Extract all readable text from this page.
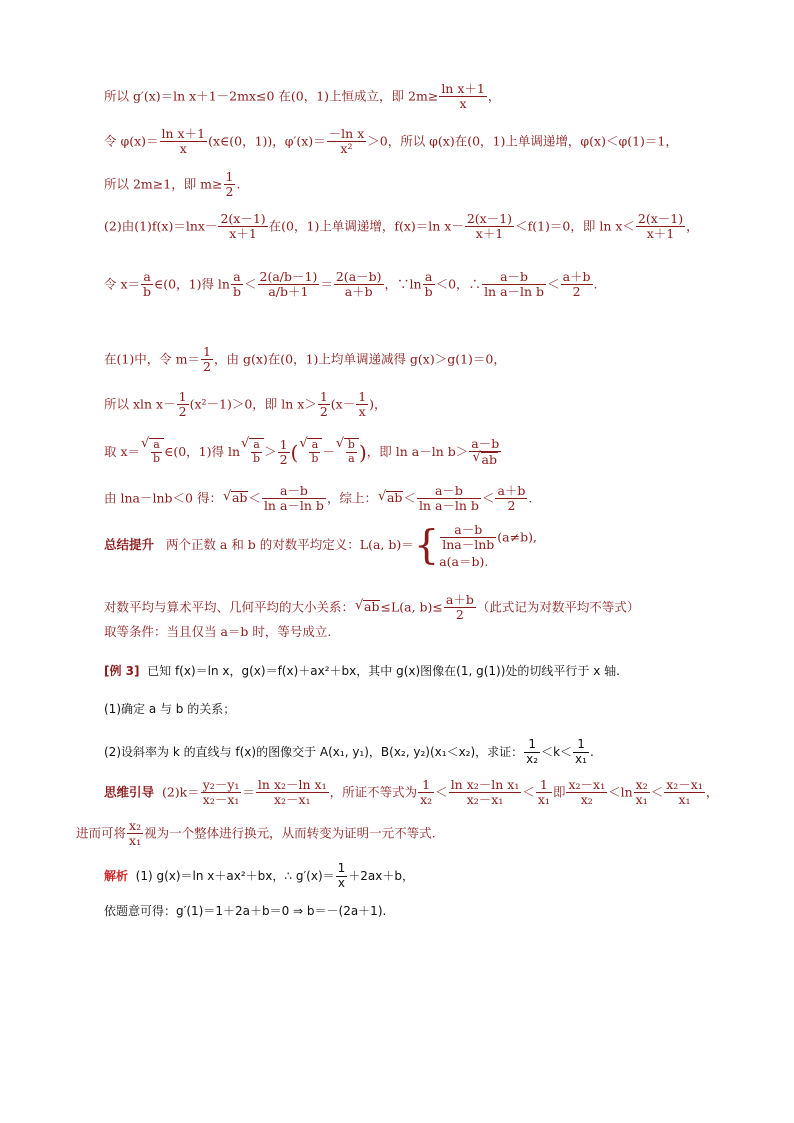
所以 g′(x)＝ln x＋1－2mx≤0 在(0，1)上恒成立，即 $2m\ge \frac{\text{ln x＋1}}{x}$ ，
令 $\varphi(x)= \frac{\text{ln x＋1}}{x}$ (x∈(0，1))，$\varphi'(x)= \frac{\text{－ln x}}{\text{x²}} >0$，所以 φ(x)在(0，1)上单调递增，φ(x)＜φ(1)＝1，
所以 2m≥1，即 $m\ge \frac{1}{2}$ .
(2)由$(1)f(x)=\ln x- \frac{2(x-1)}{x+1}$ 在(0，1)上单调递增，f(x)＝ln $x- \frac{2(x-1)}{x+1} <f(1)=0$，即 $\ln x< \frac{2(x-1)}{x+1}$ ，
令 $x= \frac{a}{b}$ ∈(0，1)得 $\ln \frac{a}{b} < \frac{2(a/b-1)}{a/b+1} = \frac{2(a-b)}{a+b}$ ，∵ln $\frac{a}{b} <0$，∴ $\frac{a-b}{\text{ln a－ln b}} < \frac{a+b}{2}$ .
在(1)中，令 $m= \frac{1}{2}$ ，由 g(x)在(0，1)上均单调递减得 g(x)＞g(1)＝0，
所以 xln $x- \frac{1}{2} (x^2-1)>0$，即 $\ln x> \frac{1}{2} (x- \frac{1}{x}$ )，
取 x＝ √ $\frac{a}{b}$ ∈(0，1)得 ln √ $\frac{a}{b} > \frac{1}{2}$ ( √ $\frac{a}{b}$ － √ $\frac{b}{a}$ )，即 ln a－ln b＞ a－b
√ ab
由 lna－lnb＜0 得： √ $ab< \frac{a-b}{\text{ln a－ln b}}$ ，综上： √ $ab< \frac{a-b}{\text{ln a－ln b}} < \frac{a+b}{2}$ .
总结提升 两个正数 a 和 b 的对数平均定义：L(a, $b)=\{ \frac{a-b}{\ln a-\ln b} (a\ne b)$,
a(a＝b).
对数平均与算术平均、几何平均的大小关系： √ ab≤L(a, $b)\le \frac{a+b}{2}$ （此式记为对数平均不等式）
取等条件：当且仅当 a＝b 时，等号成立.
[例 3] 已知 f(x)＝ln x，g(x)＝f(x)＋ax²＋bx，其中 g(x)图像在(1, g(1))处的切线平行于 x 轴.
(1)确定 a 与 b 的关系；
(2)设斜率为 k 的直线与 f(x)的图像交于 A(x₁, y₁)，B(x₂, y₂)(x₁＜x₂)，求证： $\frac{1}{\text{x₂}} <k< \frac{1}{\text{x₁}}$ .
思维引导 $(2)k= \frac{\text{y₂－y₁}}{\text{x₂－x₁}} = \frac{\text{ln x₂－ln x₁}}{\text{x₂－x₁}}$ ，所证不等式为 $\frac{1}{\text{x₂}} < \frac{\text{ln x₂－ln x₁}}{\text{x₂－x₁}} < \frac{1}{\text{x₁}}$ 即 $\frac{\text{x₂－x₁}}{\text{x₂}} <\ln \frac{\text{x₂}}{\text{x₁}} < \frac{\text{x₂－x₁}}{\text{x₁}}$ ，
进而可将 $\frac{\text{x₂}}{\text{x₁}}$ 视为一个整体进行换元，从而转变为证明一元不等式.
解析 (1) g(x)＝ln x＋ax²＋bx，∴ $g'(x)= \frac{1}{x} +2ax+b$，
依题意可得：g′(1)＝1＋2a＋b＝0 ⇒ b＝－(2a＋1).
